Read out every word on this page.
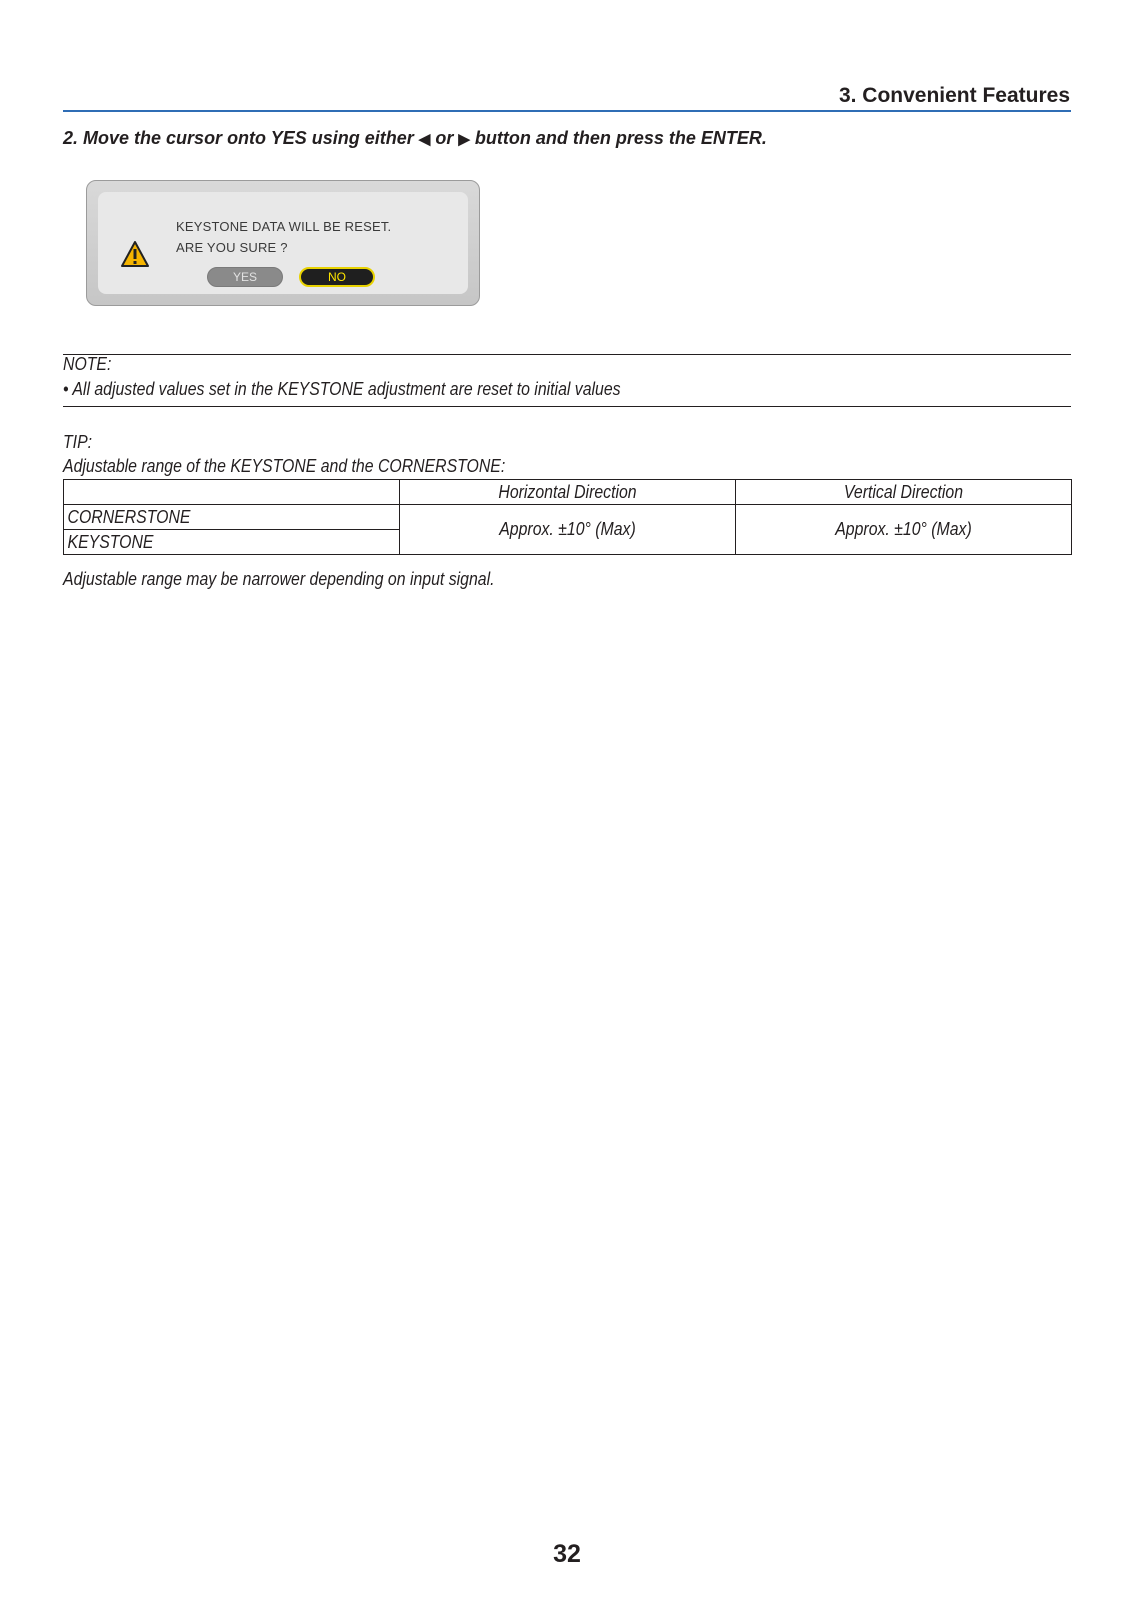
3. Convenient Features
2. Move the cursor onto YES using either ◀ or ▶ button and then press the ENTER.
KEYSTONE DATA WILL BE RESET.
ARE YOU SURE ?
YES	NO
NOTE:
• All adjusted values set in the KEYSTONE adjustment are reset to initial values
TIP:
Adjustable range of the KEYSTONE and the CORNERSTONE:

	Horizontal Direction	Vertical Direction

CORNERSTONE	Approx. ±10° (Max)	Approx. ±10° (Max)

KEYSTONE		
Adjustable range may be narrower depending on input signal.
32
